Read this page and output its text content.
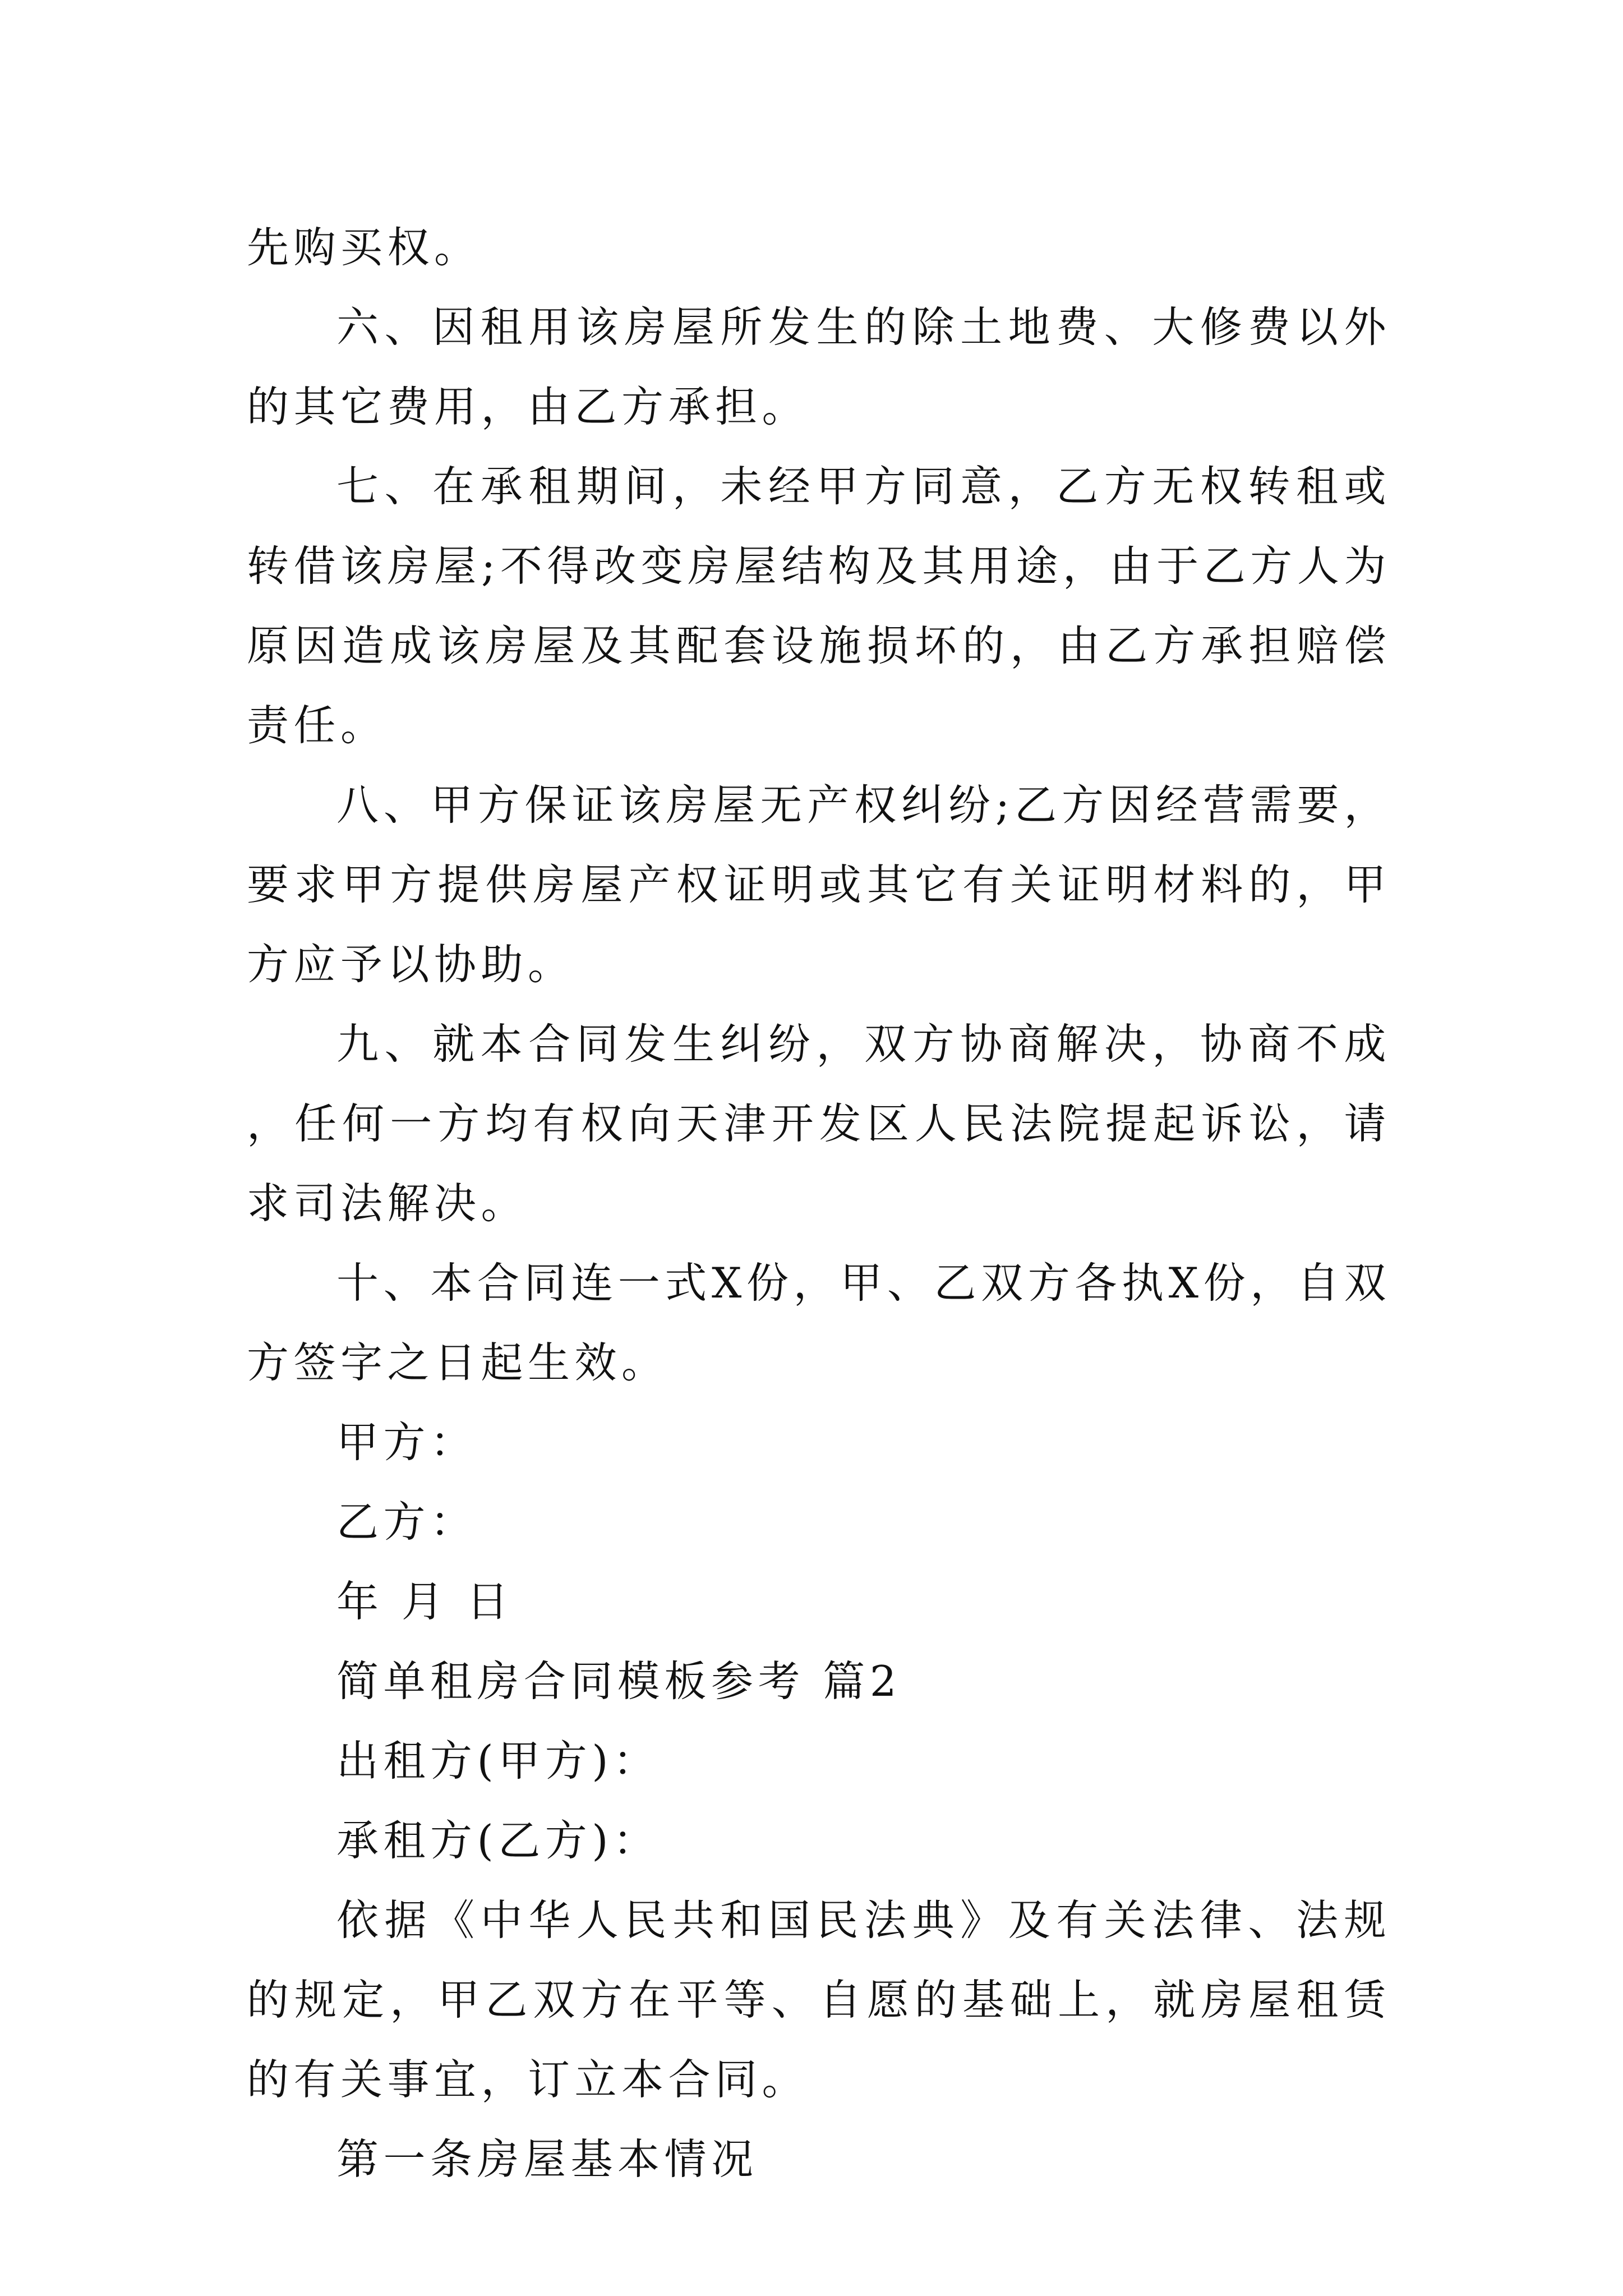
先购买权。

六、因租用该房屋所发生的除土地费、大修费以外的其它费用，由乙方承担。

七、在承租期间，未经甲方同意，乙方无权转租或转借该房屋;不得改变房屋结构及其用途，由于乙方人为原因造成该房屋及其配套设施损坏的，由乙方承担赔偿责任。

八、甲方保证该房屋无产权纠纷;乙方因经营需要，要求甲方提供房屋产权证明或其它有关证明材料的，甲方应予以协助。

九、就本合同发生纠纷，双方协商解决，协商不成，任何一方均有权向天津开发区人民法院提起诉讼，请求司法解决。

十、本合同连一式X份，甲、乙双方各执X份，自双方签字之日起生效。

甲方：

乙方：

年 月 日

简单租房合同模板参考 篇2

出租方(甲方)：

承租方(乙方)：

依据《中华人民共和国民法典》及有关法律、法规的规定，甲乙双方在平等、自愿的基础上，就房屋租赁的有关事宜，订立本合同。

第一条房屋基本情况
